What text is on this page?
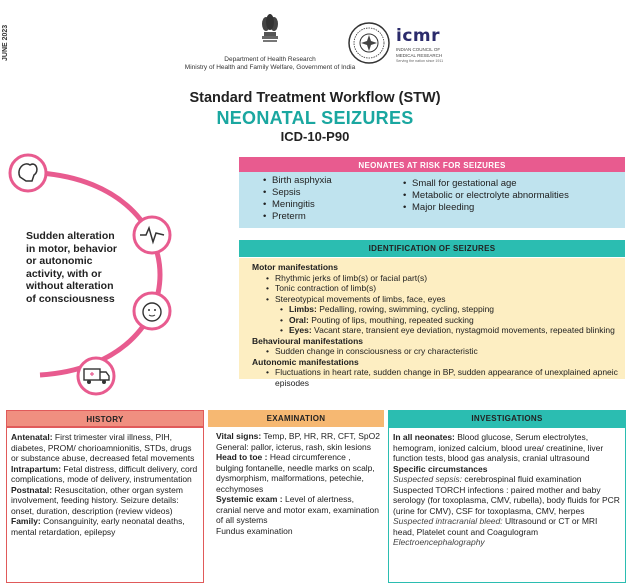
JUNE 2023	Department of Health Research
Ministry of Health and Family Welfare, Government of India
icmr
INDIAN COUNCIL OF
MEDICAL RESEARCH
Serving the nation since 1911
Standard Treatment Workflow (STW)
NEONATAL SEIZURES
ICD-10-P90
Sudden alteration in motor, behavior or autonomic activity, with or without alteration of consciousness
NEONATES AT RISK FOR SEIZURES
• Birth asphyxia
• Sepsis
• Meningitis
• Preterm
• Small for gestational age
• Metabolic or electrolyte abnormalities
• Major bleeding
IDENTIFICATION OF SEIZURES
Motor manifestations
• Rhythmic jerks of limb(s) or facial part(s)
• Tonic contraction of limb(s)
• Stereotypical movements of limbs, face, eyes
• Limbs: Pedalling, rowing, swimming, cycling, stepping
• Oral: Pouting of lips, mouthing, repeated sucking
• Eyes: Vacant stare, transient eye deviation, nystagmoid movements, repeated blinking
Behavioural manifestations
• Sudden change in consciousness or cry characteristic
Autonomic manifestations
• Fluctuations in heart rate, sudden change in BP, sudden appearance of unexplained apneic episodes
HISTORY
Antenatal: First trimester viral illness, PIH, diabetes, PROM/ chorioamnionitis, STDs, drugs or substance abuse, decreased fetal movements
Intrapartum: Fetal distress, difficult delivery, cord complications, mode of delivery, instrumentation
Postnatal: Resuscitation, other organ system involvement, feeding history. Seizure details: onset, duration, description (review videos)
Family: Consanguinity, early neonatal deaths, mental retardation, epilepsy
EXAMINATION
Vital signs: Temp, BP, HR, RR, CFT, SpO2
General: pallor, icterus, rash, skin lesions
Head to toe : Head circumference , bulging fontanelle, needle marks on scalp, dysmorphism, malformations, petechie, ecchymoses
Systemic exam : Level of alertness, cranial nerve and motor exam, examination of all systems
Fundus examination
INVESTIGATIONS
In all neonates: Blood glucose, Serum electrolytes, hemogram, ionized calcium, blood urea/ creatinine, liver function tests, blood gas analysis, cranial ultrasound
Specific circumstances
Suspected sepsis: cerebrospinal fluid examination
Suspected TORCH infections : paired mother and baby serology (for toxoplasma, CMV, rubella), body fluids for PCR (urine for CMV), CSF for toxoplasma, CMV, herpes
Suspected intracranial bleed: Ultrasound or CT or MRI head, Platelet count and Coagulogram
Electroencephalography
